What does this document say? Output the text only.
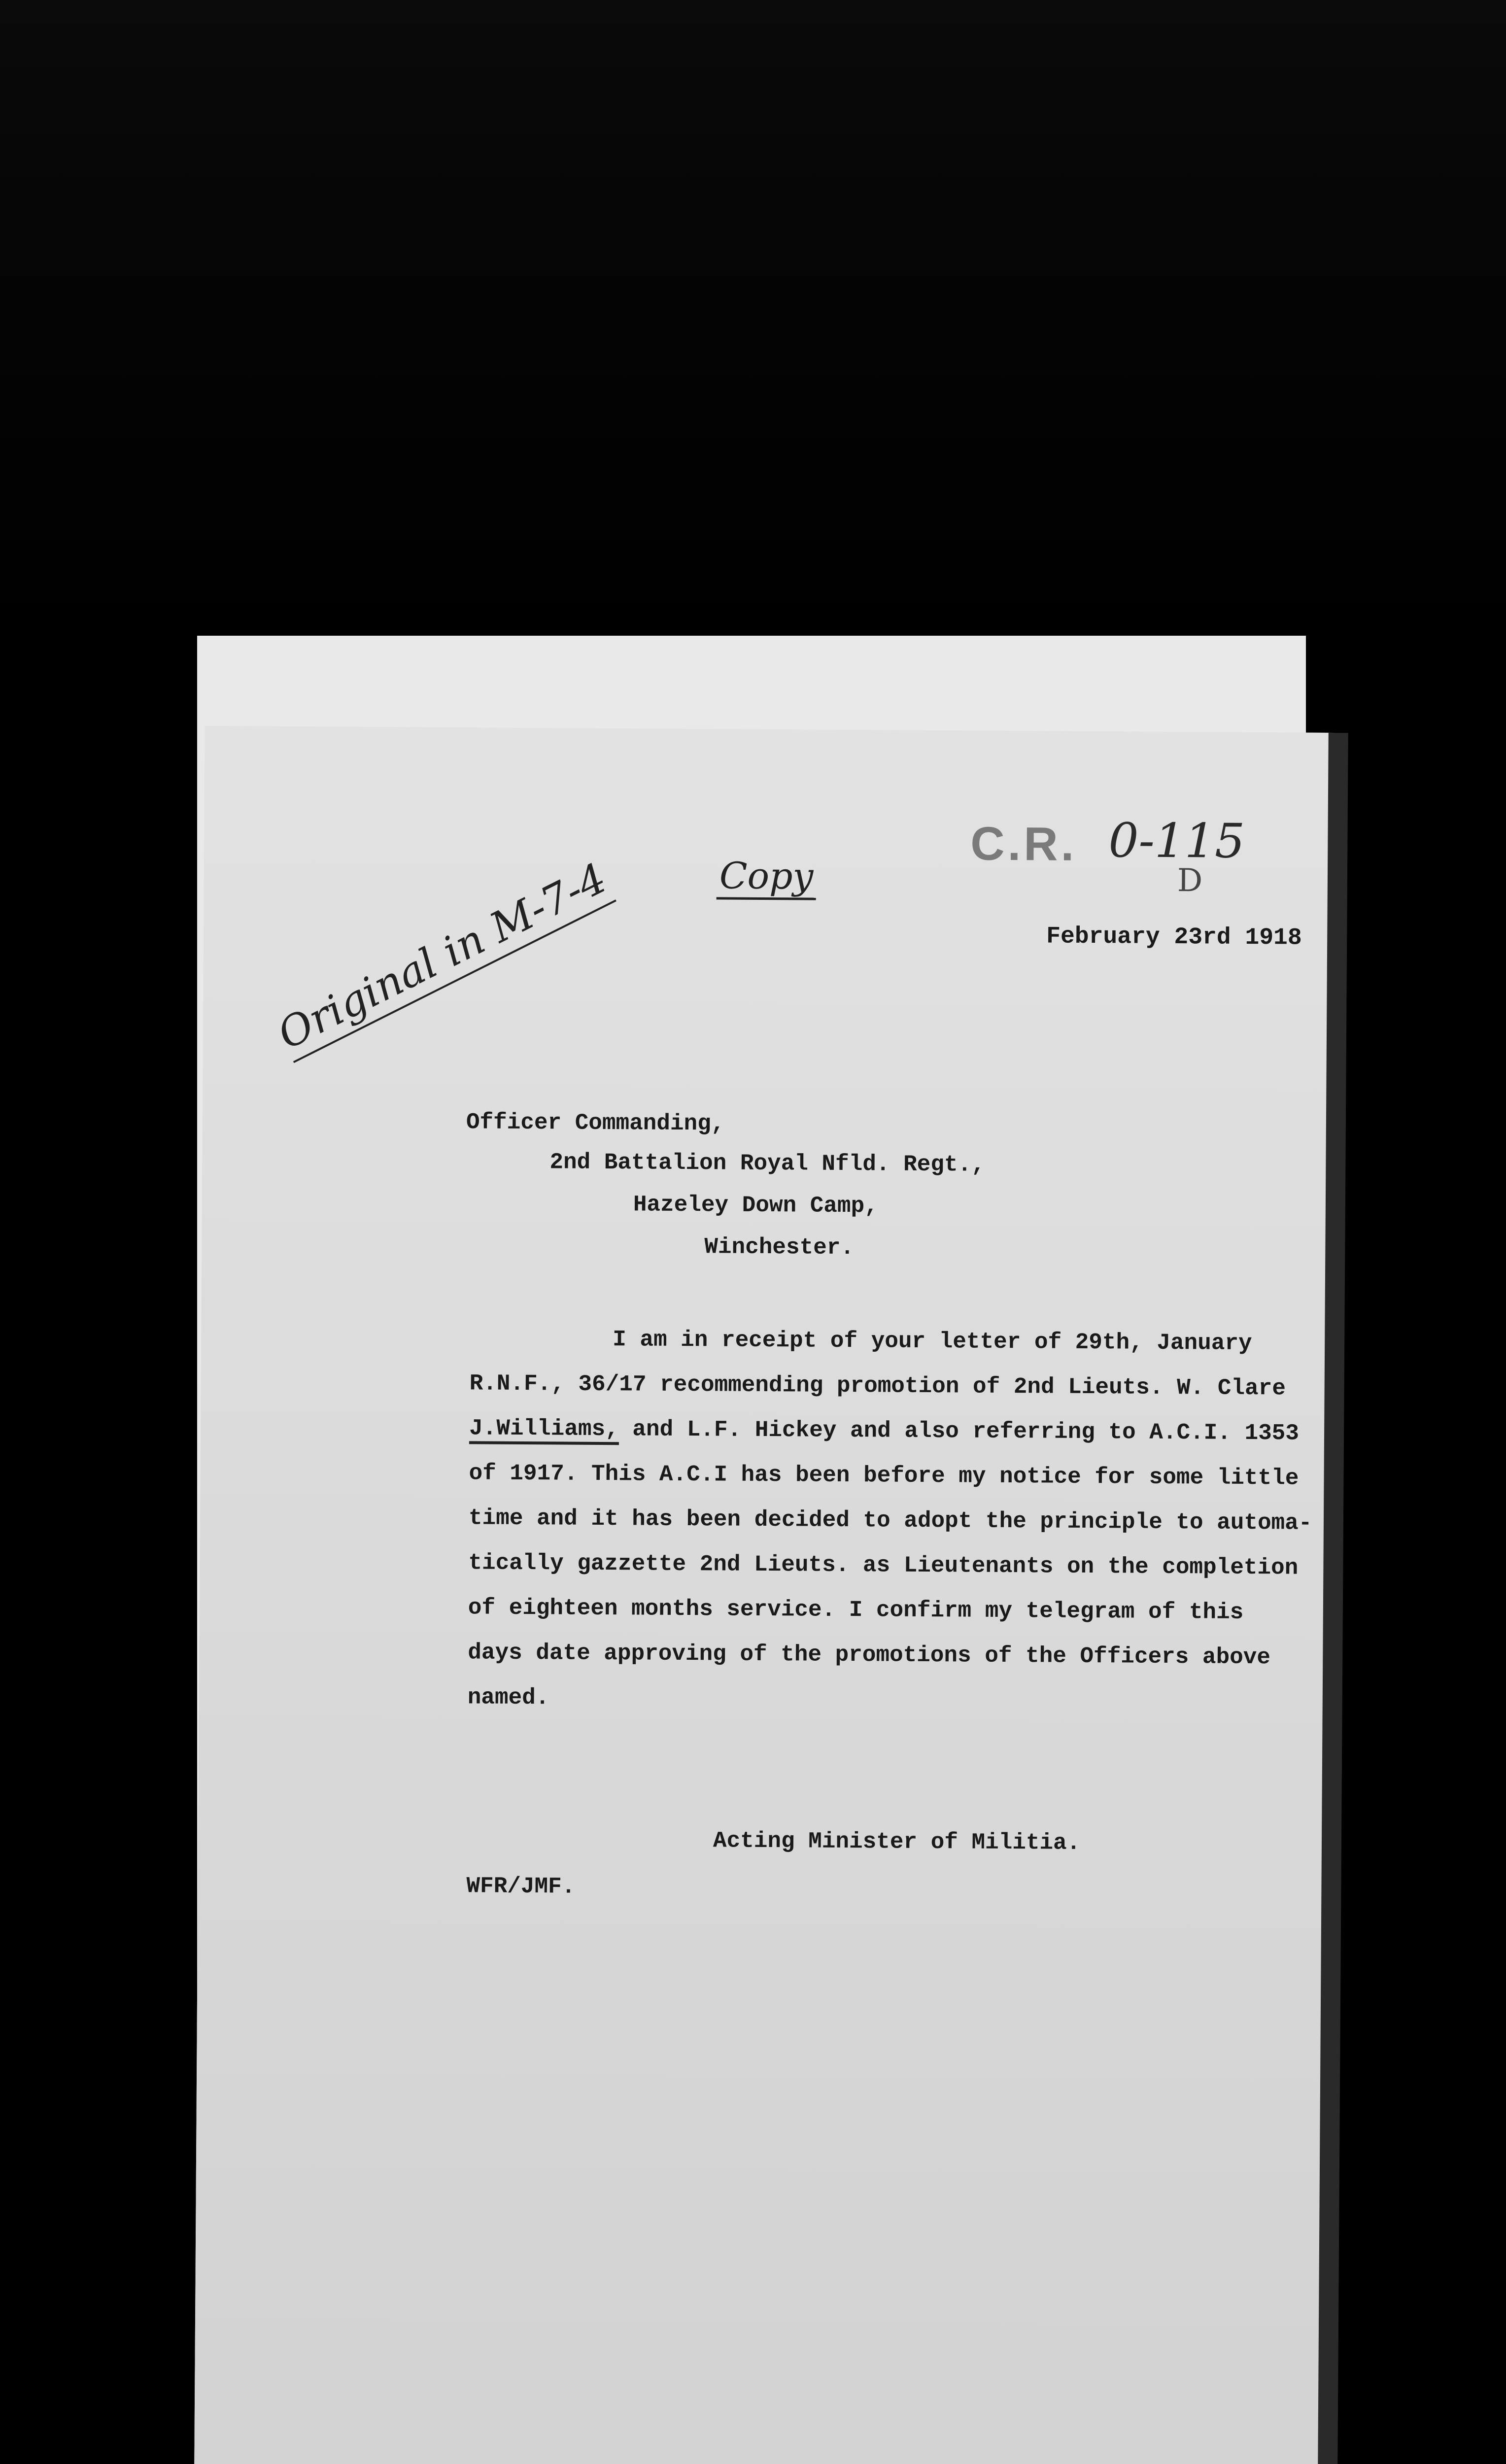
C.R. 0-115
D
Copy
Original in M-7-4	February 23rd 1918
Officer Commanding,
2nd Battalion Royal Nfld. Regt.,
Hazeley Down Camp,
Winchester.
I am in receipt of your letter of 29th, January
R.N.F., 36/17 recommending promotion of 2nd Lieuts. W. Clare
J.Williams, and L.F. Hickey and also referring to A.C.I. 1353
of 1917. This A.C.I has been before my notice for some little
time and it has been decided to adopt the principle to automa-
tically gazzette 2nd Lieuts. as Lieutenants on the completion
of eighteen months service. I confirm my telegram of this
days date approving of the promotions of the Officers above
named.
Acting Minister of Militia.
WFR/JMF.
